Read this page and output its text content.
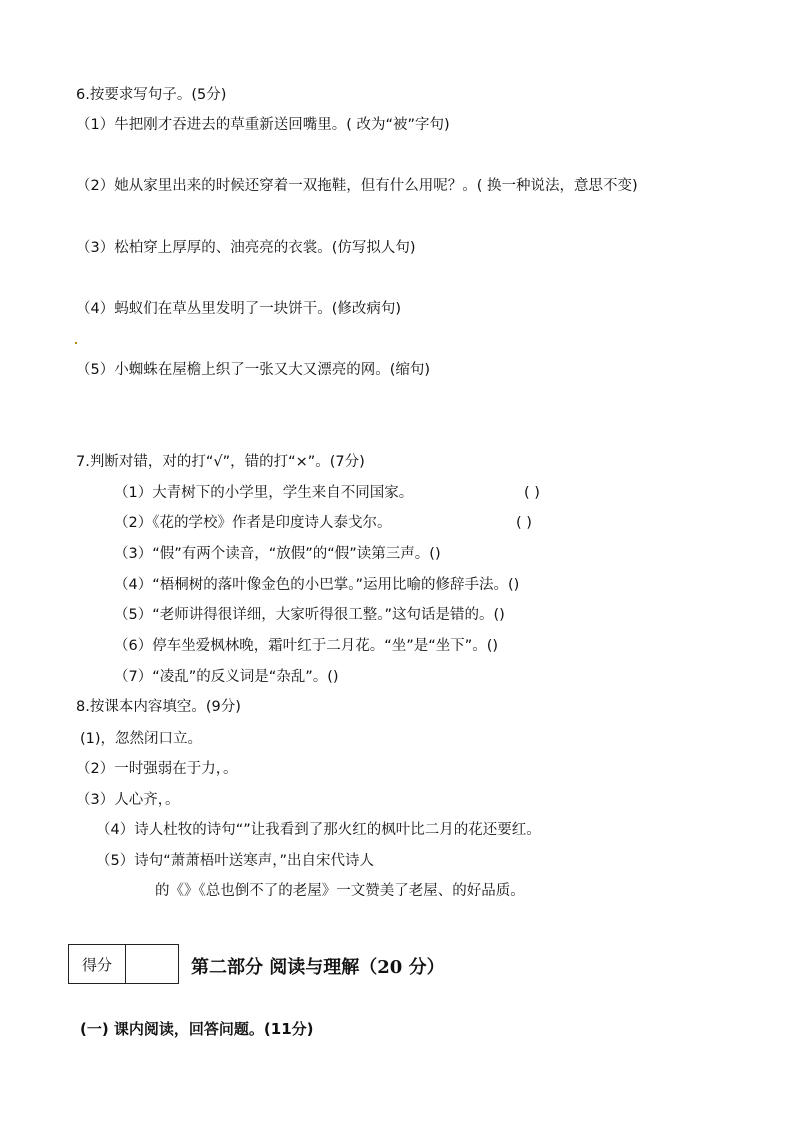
6.按要求写句子。(5分)
（1）牛把刚才吞进去的草重新送回嘴里。( 改为“被”字句)
（2）她从家里出来的时候还穿着一双拖鞋，但有什么用呢？。( 换一种说法，意思不变)
（3）松柏穿上厚厚的、油亮亮的衣裳。(仿写拟人句)
（4）蚂蚁们在草丛里发明了一块饼干。(修改病句)
（5）小蜘蛛在屋檐上织了一张又大又漂亮的网。(缩句)
7.判断对错，对的打“√”，错的打“×”。(7分)
（1）大青树下的小学里，学生来自不同国家。	( )
（2）《花的学校》作者是印度诗人泰戈尔。	( )
（3）“假”有两个读音，“放假”的“假”读第三声。()
（4）“梧桐树的落叶像金色的小巴掌。”运用比喻的修辞手法。()
（5）“老师讲得很详细，大家听得很工整。”这句话是错的。()
（6）停车坐爱枫林晚，霜叶红于二月花。“坐”是“坐下”。()
（7）“凌乱”的反义词是“杂乱”。()
8.按课本内容填空。(9分)
(1)，忽然闭口立。
（2）一时强弱在于力，。
（3）人心齐，。
（4）诗人杜牧的诗句“”让我看到了那火红的枫叶比二月的花还要红。
（5）诗句“萧萧梧叶送寒声，”出自宋代诗人
的《》《总也倒不了的老屋》一文赞美了老屋、的好品质。
得分	第二部分 阅读与理解（20 分）
(一) 课内阅读，回答问题。(11分)
